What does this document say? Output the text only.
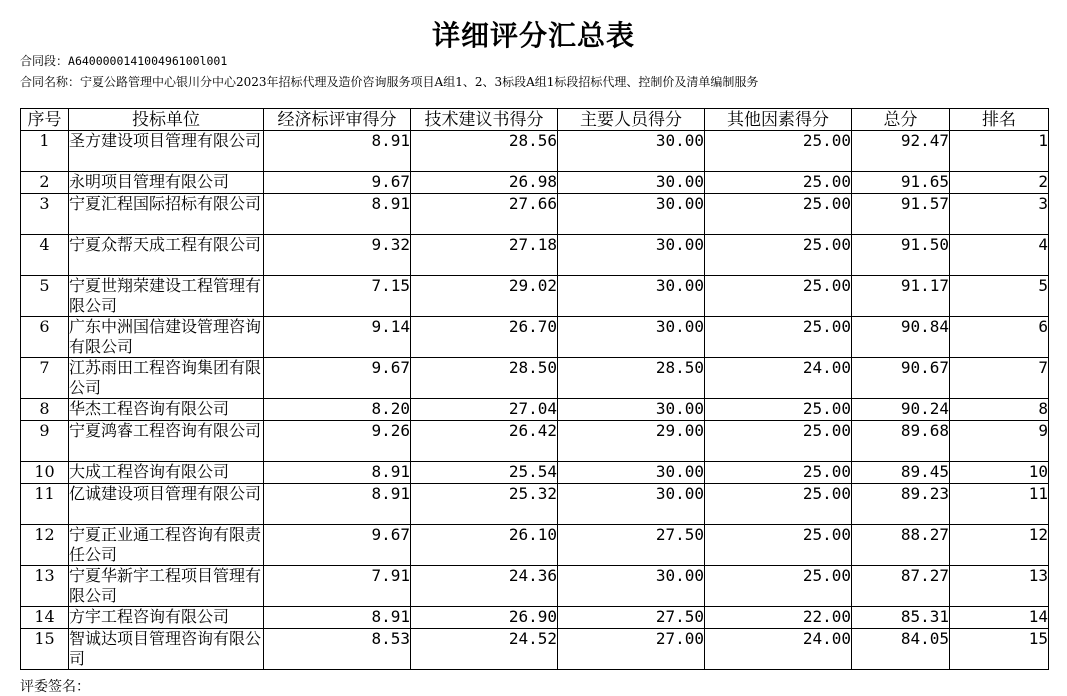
详细评分汇总表
合同段：A640000014100496100l001
合同名称：宁夏公路管理中心银川分中心2023年招标代理及造价咨询服务项目A组1、2、3标段A组1标段招标代理、控制价及清单编制服务
序号	投标单位	经济标评审得分	技术建议书得分	主要人员得分	其他因素得分	总分	排名
1	圣方建设项目管理有限公司	8.91	28.56	30.00	25.00	92.47	1
2	永明项目管理有限公司	9.67	26.98	30.00	25.00	91.65	2
3	宁夏汇程国际招标有限公司	8.91	27.66	30.00	25.00	91.57	3
4	宁夏众帮天成工程有限公司	9.32	27.18	30.00	25.00	91.50	4
5	宁夏世翔荣建设工程管理有限公司	7.15	29.02	30.00	25.00	91.17	5
6	广东中洲国信建设管理咨询有限公司	9.14	26.70	30.00	25.00	90.84	6
7	江苏雨田工程咨询集团有限公司	9.67	28.50	28.50	24.00	90.67	7
8	华杰工程咨询有限公司	8.20	27.04	30.00	25.00	90.24	8
9	宁夏鸿睿工程咨询有限公司	9.26	26.42	29.00	25.00	89.68	9
10	大成工程咨询有限公司	8.91	25.54	30.00	25.00	89.45	10
11	亿诚建设项目管理有限公司	8.91	25.32	30.00	25.00	89.23	11
12	宁夏正业通工程咨询有限责任公司	9.67	26.10	27.50	25.00	88.27	12
13	宁夏华新宇工程项目管理有限公司	7.91	24.36	30.00	25.00	87.27	13
14	方宇工程咨询有限公司	8.91	26.90	27.50	22.00	85.31	14
15	智诚达项目管理咨询有限公司	8.53	24.52	27.00	24.00	84.05	15
评委签名：
